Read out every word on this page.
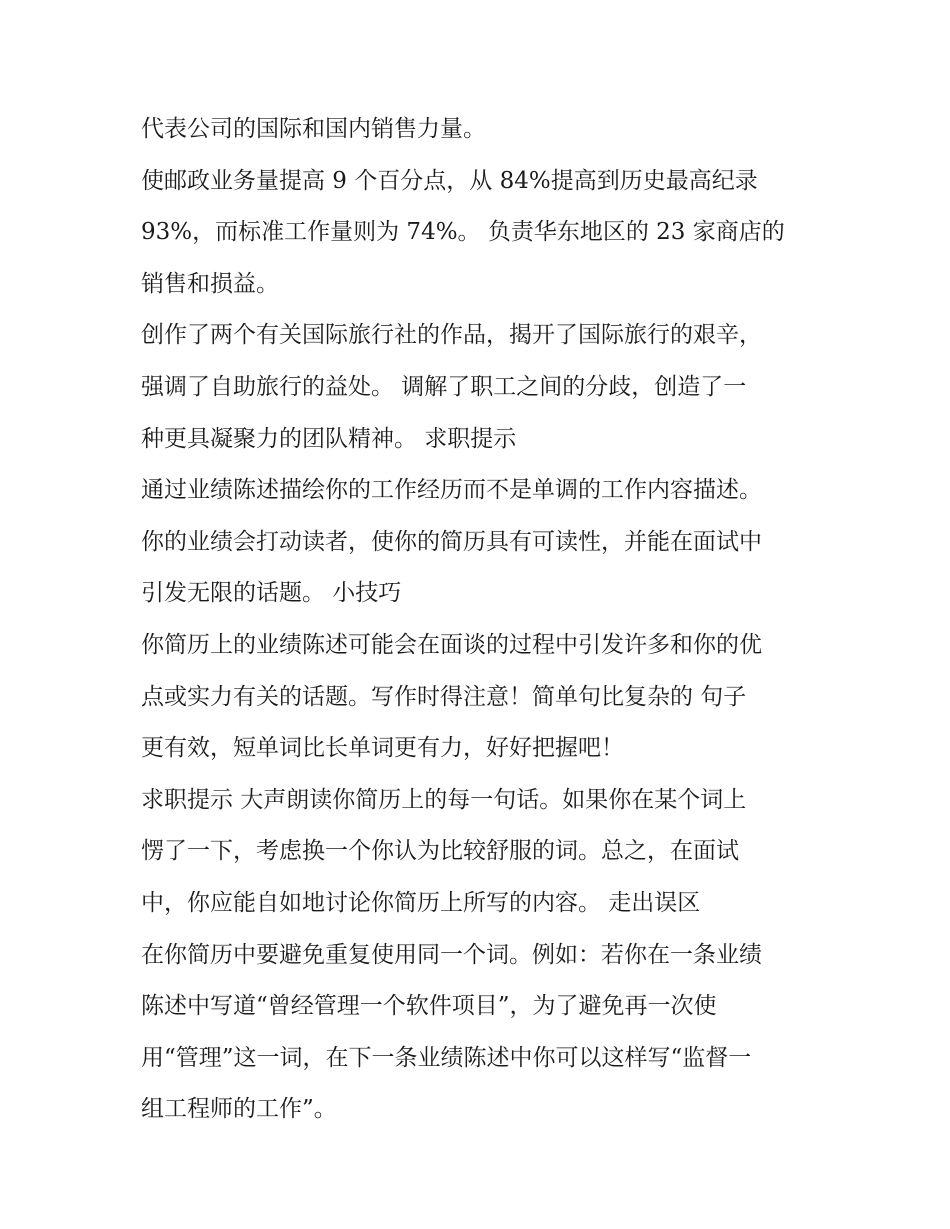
代表公司的国际和国内销售力量。
使邮政业务量提高 9 个百分点，从 84%提高到历史最高纪录
93%，而标准工作量则为 74%。 负责华东地区的 23 家商店的
销售和损益。
创作了两个有关国际旅行社的作品，揭开了国际旅行的艰辛，
强调了自助旅行的益处。 调解了职工之间的分歧，创造了一
种更具凝聚力的团队精神。 求职提示
通过业绩陈述描绘你的工作经历而不是单调的工作内容描述。
你的业绩会打动读者，使你的简历具有可读性，并能在面试中
引发无限的话题。 小技巧
你简历上的业绩陈述可能会在面谈的过程中引发许多和你的优
点或实力有关的话题。写作时得注意！简单句比复杂的 句子
更有效，短单词比长单词更有力，好好把握吧！
求职提示 大声朗读你简历上的每一句话。如果你在某个词上
愣了一下，考虑换一个你认为比较舒服的词。总之，在面试
中，你应能自如地讨论你简历上所写的内容。 走出误区
在你简历中要避免重复使用同一个词。例如：若你在一条业绩
陈述中写道“曾经管理一个软件项目”，为了避免再一次使
用“管理”这一词，在下一条业绩陈述中你可以这样写“监督一
组工程师的工作”。
